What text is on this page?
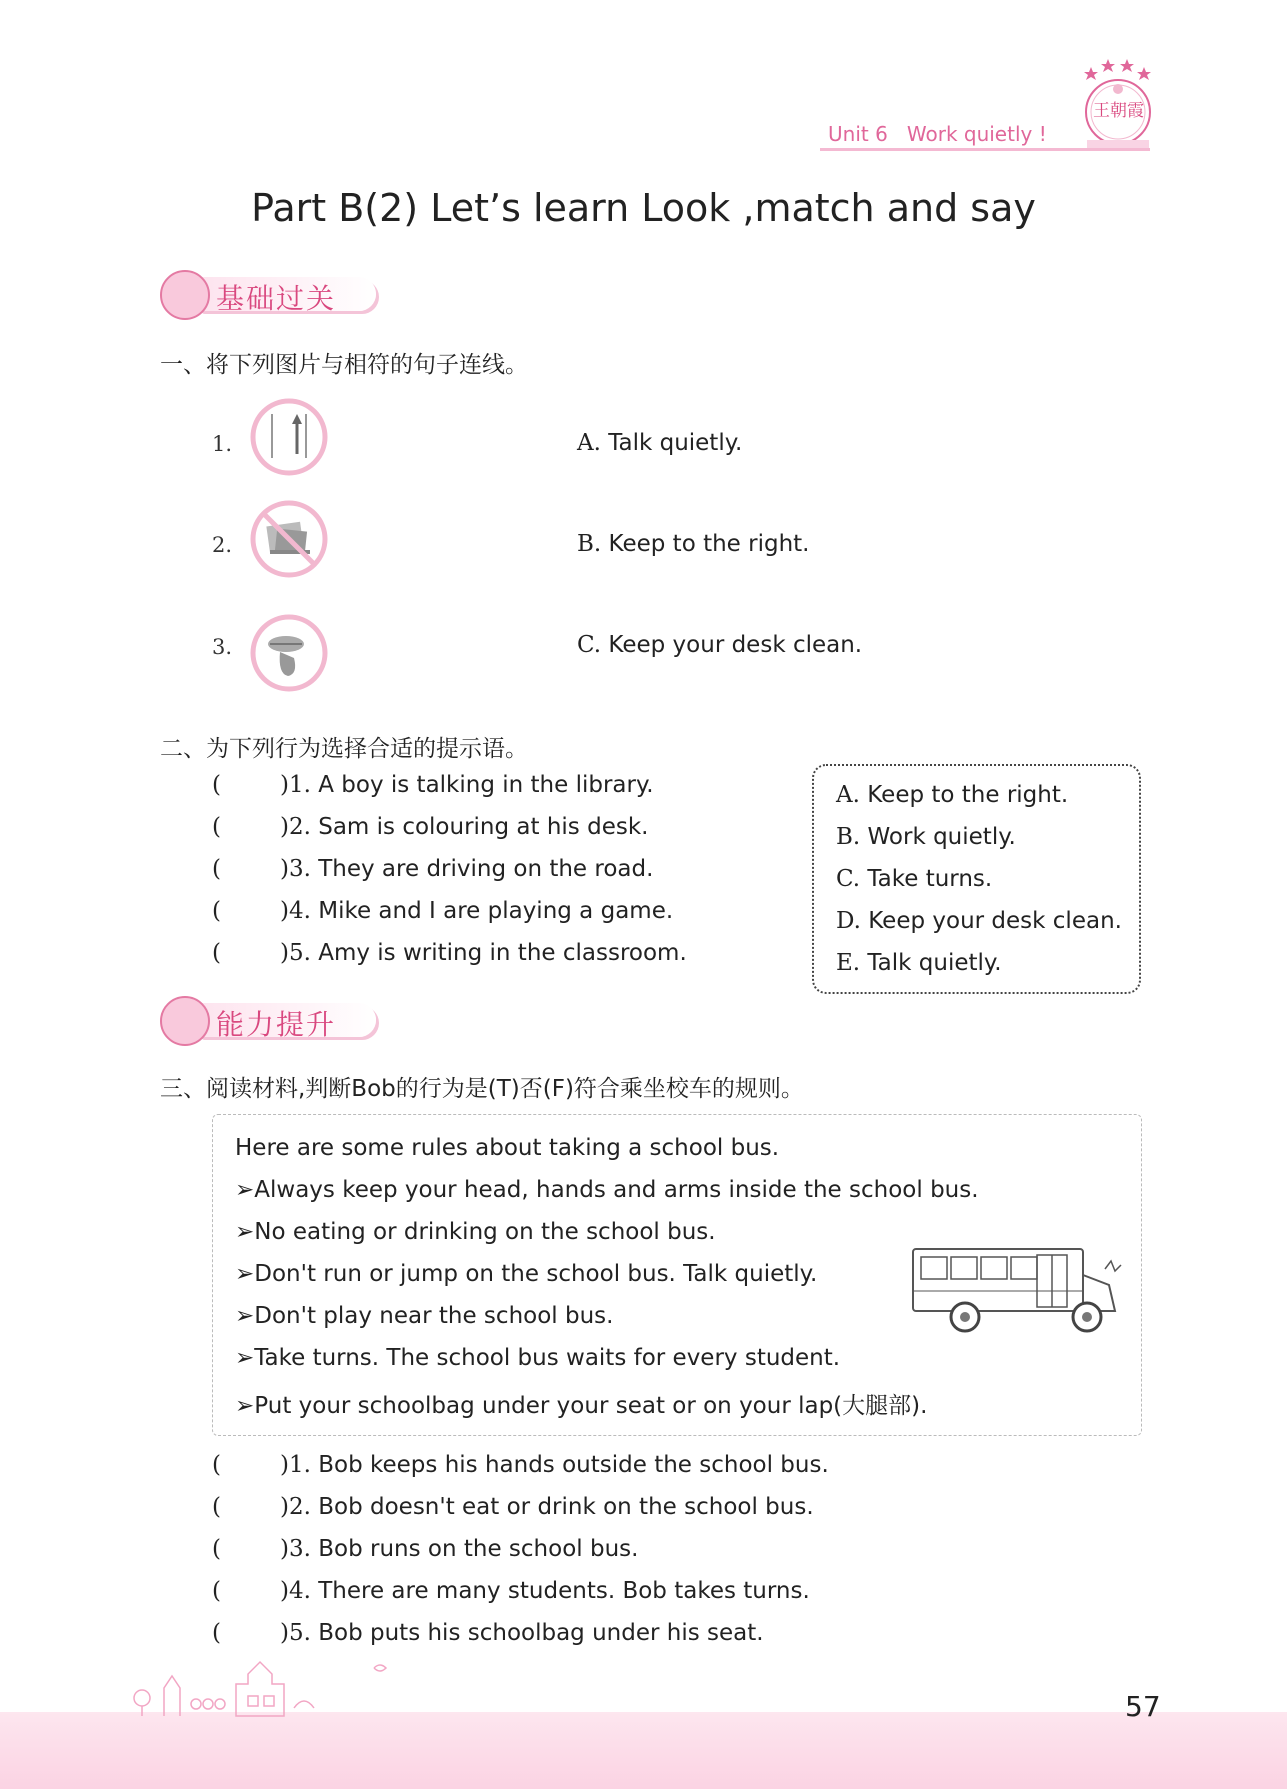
Unit 6 Work quietly !
王朝霞
Part B(2) Let’s learn Look ,match and say
基础过关
一、将下列图片与相符的句子连线。
1.	A. Talk quietly.
2.	B. Keep to the right.
3.	C. Keep your desk clean.
二、为下列行为选择合适的提示语。
(	)1. A boy is talking in the library.
(	)2. Sam is colouring at his desk.
(	)3. They are driving on the road.
(	)4. Mike and I are playing a game.
(	)5. Amy is writing in the classroom.
A. Keep to the right.
B. Work quietly.
C. Take turns.
D. Keep your desk clean.
E. Talk quietly.
能力提升
三、阅读材料,判断Bob的行为是(T)否(F)符合乘坐校车的规则。
Here are some rules about taking a school bus.
➢Always keep your head, hands and arms inside the school bus.
➢No eating or drinking on the school bus.
➢Don't run or jump on the school bus. Talk quietly.
➢Don't play near the school bus.
➢Take turns. The school bus waits for every student.
➢Put your schoolbag under your seat or on your lap(大腿部).
(	)1. Bob keeps his hands outside the school bus.
(	)2. Bob doesn't eat or drink on the school bus.
(	)3. Bob runs on the school bus.
(	)4. There are many students. Bob takes turns.
(	)5. Bob puts his schoolbag under his seat.
57
